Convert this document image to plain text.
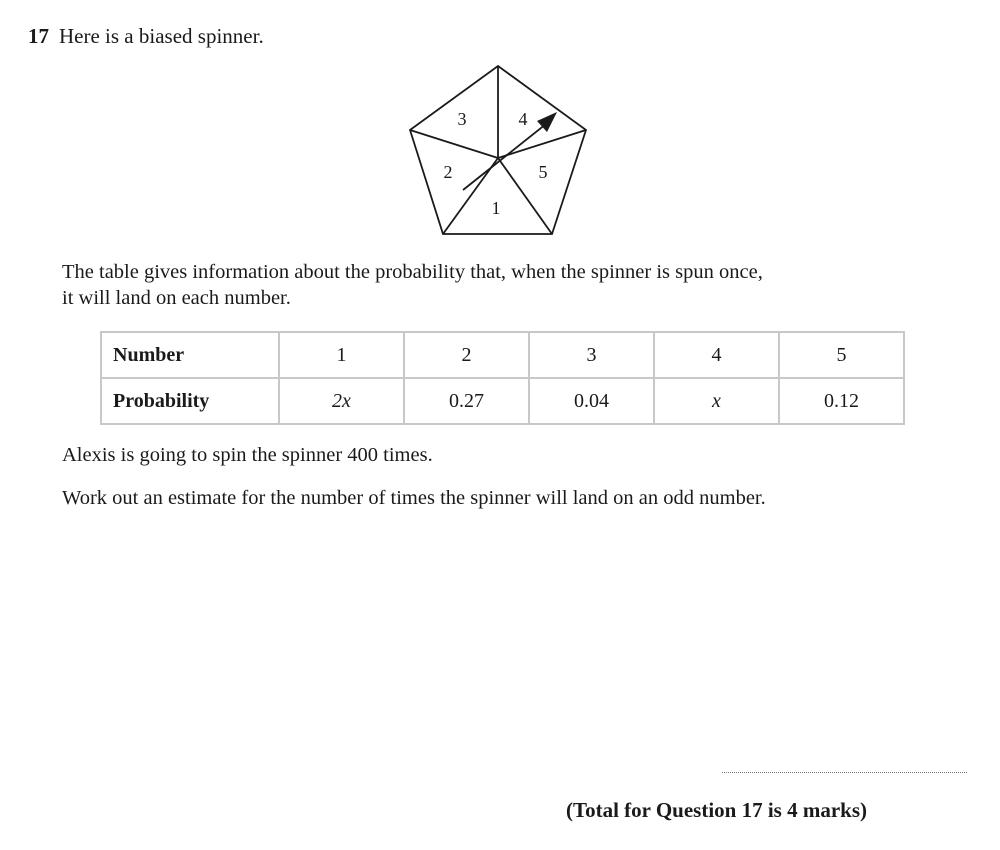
17 Here is a biased spinner.
1
2
3	4
5
The table gives information about the probability that, when the spinner is spun once,
it will land on each number.
Number	1	2	3	4	5
Probability	2x	0.27	0.04	x	0.12
Alexis is going to spin the spinner 400 times.
Work out an estimate for the number of times the spinner will land on an odd number.
(Total for Question 17 is 4 marks)
